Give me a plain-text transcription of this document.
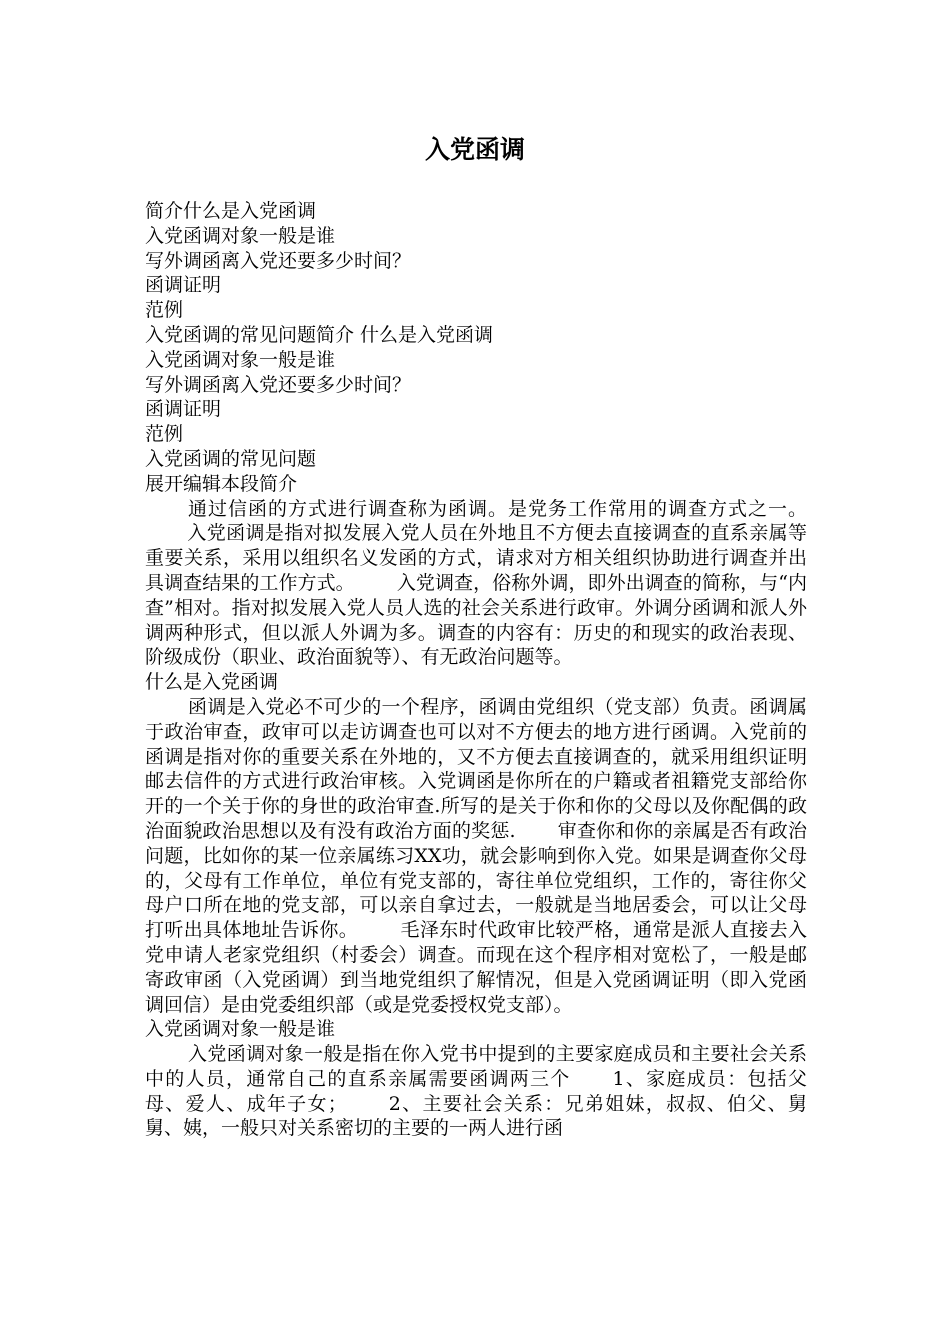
入党函调

简介什么是入党函调

入党函调对象一般是谁

写外调函离入党还要多少时间？

函调证明

范例

入党函调的常见问题简介 什么是入党函调

入党函调对象一般是谁

写外调函离入党还要多少时间？

函调证明

范例

入党函调的常见问题

展开编辑本段简介

通过信函的方式进行调查称为函调。是党务工作常用的调查方式之一。入党函调是指对拟发展入党人员在外地且不方便去直接调查的直系亲属等重要关系，采用以组织名义发函的方式，请求对方相关组织协助进行调查并出具调查结果的工作方式。 入党调查，俗称外调，即外出调查的简称，与“内查”相对。指对拟发展入党人员人选的社会关系进行政审。外调分函调和派人外调两种形式，但以派人外调为多。调查的内容有：历史的和现实的政治表现、阶级成份（职业、政治面貌等）、有无政治问题等。

什么是入党函调

函调是入党必不可少的一个程序，函调由党组织（党支部）负责。函调属于政治审查，政审可以走访调查也可以对不方便去的地方进行函调。入党前的函调是指对你的重要关系在外地的，又不方便去直接调查的，就采用组织证明邮去信件的方式进行政治审核。入党调函是你所在的户籍或者祖籍党支部给你开的一个关于你的身世的政治审查.所写的是关于你和你的父母以及你配偶的政治面貌政治思想以及有没有政治方面的奖惩. 审查你和你的亲属是否有政治问题，比如你的某一位亲属练习XX功，就会影响到你入党。如果是调查你父母的，父母有工作单位，单位有党支部的，寄往单位党组织，工作的，寄往你父母户口所在地的党支部，可以亲自拿过去，一般就是当地居委会，可以让父母打听出具体地址告诉你。 毛泽东时代政审比较严格，通常是派人直接去入党申请人老家党组织（村委会）调查。而现在这个程序相对宽松了，一般是邮寄政审函（入党函调）到当地党组织了解情况，但是入党函调证明（即入党函调回信）是由党委组织部（或是党委授权党支部）。

入党函调对象一般是谁

入党函调对象一般是指在你入党书中提到的主要家庭成员和主要社会关系中的人员，通常自己的直系亲属需要函调两三个 1、家庭成员：包括父母、爱人、成年子女； 2、主要社会关系：兄弟姐妹，叔叔、伯父、舅舅、姨，一般只对关系密切的主要的一两人进行函
